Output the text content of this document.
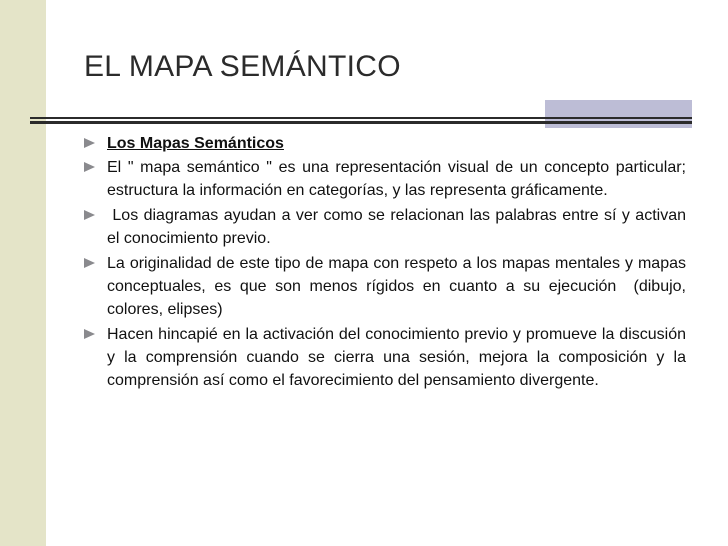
EL MAPA SEMÁNTICO
Los Mapas Semánticos
El " mapa semántico " es una representación visual de un concepto particular; estructura la información en categorías, y las representa gráficamente.
Los diagramas ayudan a ver como se relacionan las palabras entre sí y activan el conocimiento previo.
La originalidad de este tipo de mapa con respeto a los mapas mentales y mapas conceptuales, es que son menos rígidos en cuanto a su ejecución  (dibujo, colores, elipses)
Hacen hincapié en la activación del conocimiento previo y promueve la discusión y la comprensión cuando se cierra una sesión, mejora la composición y la comprensión así como el favorecimiento del pensamiento divergente.
